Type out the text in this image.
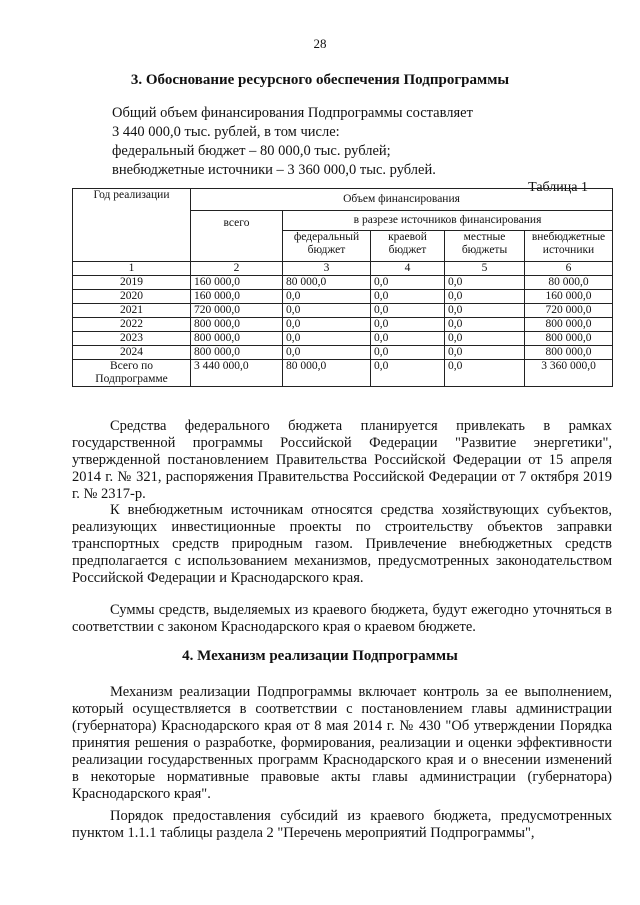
28
3. Обоснование ресурсного обеспечения Подпрограммы
Общий объем финансирования Подпрограммы составляет
3 440 000,0 тыс. рублей, в том числе:
федеральный бюджет – 80 000,0 тыс. рублей;
внебюджетные источники – 3 360 000,0 тыс. рублей.
Таблица 1
Год реализации	Объем финансирования				
	всего	в разрезе источников финансирования			
		федеральный бюджет	краевой бюджет	местные бюджеты	внебюджетные источники
1	2	3	4	5	6
2019	160 000,0	80 000,0	0,0	0,0	80 000,0
2020	160 000,0	0,0	0,0	0,0	160 000,0
2021	720 000,0	0,0	0,0	0,0	720 000,0
2022	800 000,0	0,0	0,0	0,0	800 000,0
2023	800 000,0	0,0	0,0	0,0	800 000,0
2024	800 000,0	0,0	0,0	0,0	800 000,0
Всего по Подпрограмме	3 440 000,0	80 000,0	0,0	0,0	3 360 000,0

Средства федерального бюджета планируется привлекать в рамках государственной программы Российской Федерации "Развитие энергетики", утвержденной постановлением Правительства Российской Федерации от 15 апреля 2014 г. № 321, распоряжения Правительства Российской Федерации от 7 октября 2019 г. № 2317-р.

К внебюджетным источникам относятся средства хозяйствующих субъектов, реализующих инвестиционные проекты по строительству объектов заправки транспортных средств природным газом. Привлечение внебюджетных средств предполагается с использованием механизмов, предусмотренных законодательством Российской Федерации и Краснодарского края.

Суммы средств, выделяемых из краевого бюджета, будут ежегодно уточняться в соответствии с законом Краснодарского края о краевом бюджете.

4. Механизм реализации Подпрограммы

Механизм реализации Подпрограммы включает контроль за ее выполнением, который осуществляется в соответствии с постановлением главы администрации (губернатора) Краснодарского края от 8 мая 2014 г. № 430 "Об утверждении Порядка принятия решения о разработке, формирования, реализации и оценки эффективности реализации государственных программ Краснодарского края и о внесении изменений в некоторые нормативные правовые акты главы администрации (губернатора) Краснодарского края".

Порядок предоставления субсидий из краевого бюджета, предусмотренных пунктом 1.1.1 таблицы раздела 2 "Перечень мероприятий Подпрограммы",
